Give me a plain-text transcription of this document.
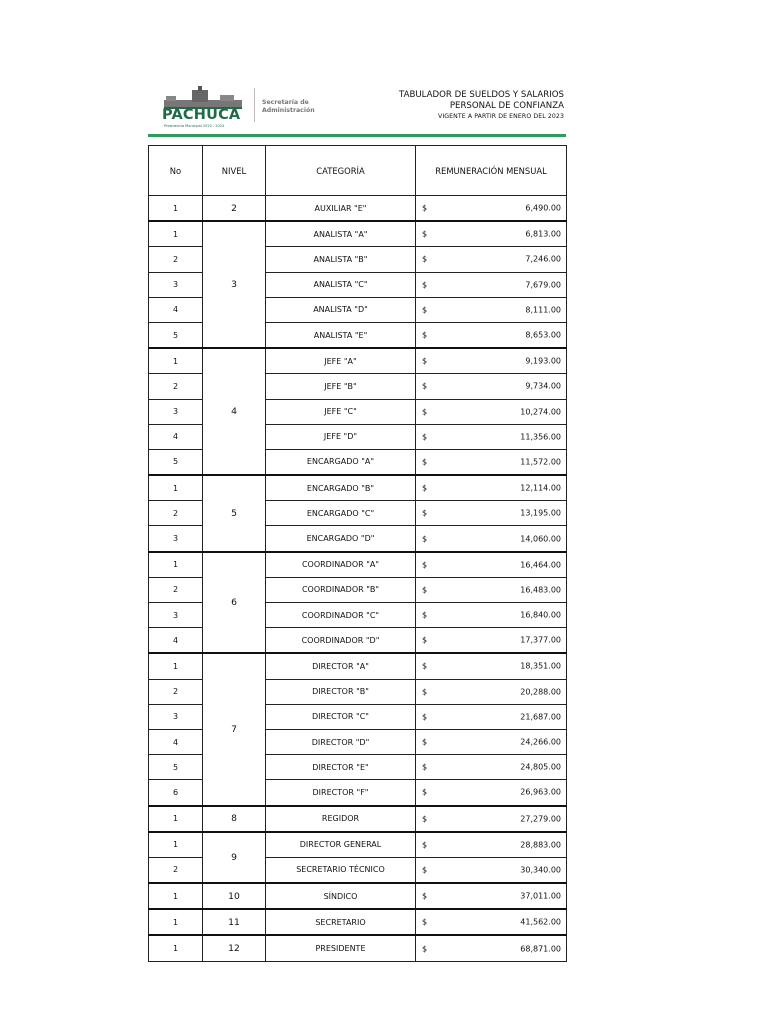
PACHUCA
Presidencia Municipal 2020 - 2024
Secretaría de
Administración
TABULADOR DE SUELDOS Y SALARIOS
PERSONAL DE CONFIANZA
VIGENTE A PARTIR DE ENERO DEL 2023
No	NIVEL	CATEGORÍA	REMUNERACIÓN MENSUAL
1	2	AUXILIAR "E"	$ 6,490.00

1	3	ANALISTA "A"	$ 6,813.00

2		ANALISTA "B"	$ 7,246.00

3		ANALISTA "C"	$ 7,679.00

4		ANALISTA "D"	$ 8,111.00

5		ANALISTA "E"	$ 8,653.00

1	4	JEFE "A"	$ 9,193.00

2		JEFE "B"	$ 9,734.00

3		JEFE "C"	$ 10,274.00

4		JEFE "D"	$ 11,356.00

5		ENCARGADO "A"	$ 11,572.00

1	5	ENCARGADO "B"	$ 12,114.00

2		ENCARGADO "C"	$ 13,195.00

3		ENCARGADO "D"	$ 14,060.00

1	6	COORDINADOR "A"	$ 16,464.00

2		COORDINADOR "B"	$ 16,483.00

3		COORDINADOR "C"	$ 16,840.00

4		COORDINADOR "D"	$ 17,377.00

1	7	DIRECTOR "A"	$ 18,351.00

2		DIRECTOR "B"	$ 20,288.00

3		DIRECTOR "C"	$ 21,687.00

4		DIRECTOR "D"	$ 24,266.00

5		DIRECTOR "E"	$ 24,805.00

6		DIRECTOR "F"	$ 26,963.00

1	8	REGIDOR	$ 27,279.00

1	9	DIRECTOR GENERAL	$ 28,883.00

2		SECRETARIO TÉCNICO	$ 30,340.00

1	10	SÍNDICO	$ 37,011.00

1	11	SECRETARIO	$ 41,562.00

1	12	PRESIDENTE	$ 68,871.00
